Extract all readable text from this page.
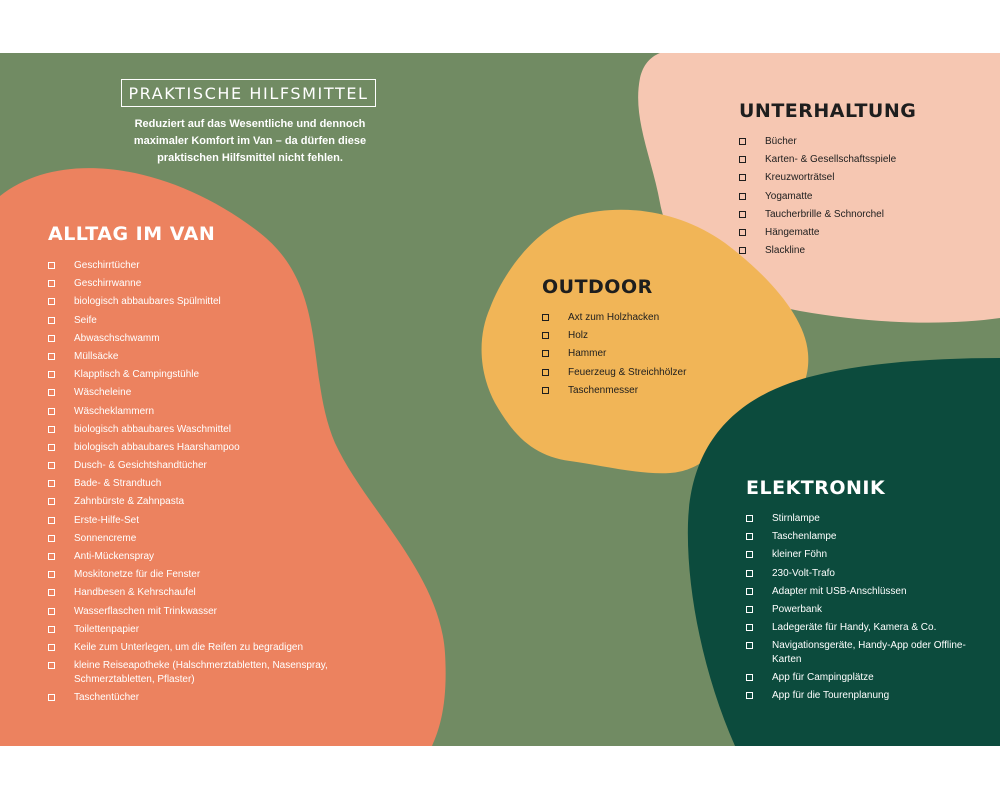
PRAKTISCHE HILFSMITTEL

Reduziert auf das Wesentliche und dennoch maximaler Komfort im Van – da dürfen diese praktischen Hilfsmittel nicht fehlen.

ALLTAG IM VAN
Geschirrtücher
Geschirrwanne
biologisch abbaubares Spülmittel
Seife
Abwaschschwamm
Müllsäcke
Klapptisch & Campingstühle
Wäscheleine
Wäscheklammern
biologisch abbaubares Waschmittel
biologisch abbaubares Haarshampoo
Dusch- & Gesichtshandtücher
Bade- & Strandtuch
Zahnbürste & Zahnpasta
Erste-Hilfe-Set
Sonnencreme
Anti-Mückenspray
Moskitonetze für die Fenster
Handbesen & Kehrschaufel
Wasserflaschen mit Trinkwasser
Toilettenpapier
Keile zum Unterlegen, um die Reifen zu begradigen
kleine Reiseapotheke (Halschmerztabletten, Nasenspray, Schmerztabletten, Pflaster)
Taschentücher
UNTERHALTUNG
Bücher
Karten- & Gesellschaftsspiele
Kreuzworträtsel
Yogamatte
Taucherbrille & Schnorchel
Hängematte
Slackline
OUTDOOR
Axt zum Holzhacken
Holz
Hammer
Feuerzeug & Streichhölzer
Taschenmesser
ELEKTRONIK
Stirnlampe
Taschenlampe
kleiner Föhn
230-Volt-Trafo
Adapter mit USB-Anschlüssen
Powerbank
Ladegeräte für Handy, Kamera & Co.
Navigationsgeräte, Handy-App oder Offline-Karten
App für Campingplätze
App für die Tourenplanung
